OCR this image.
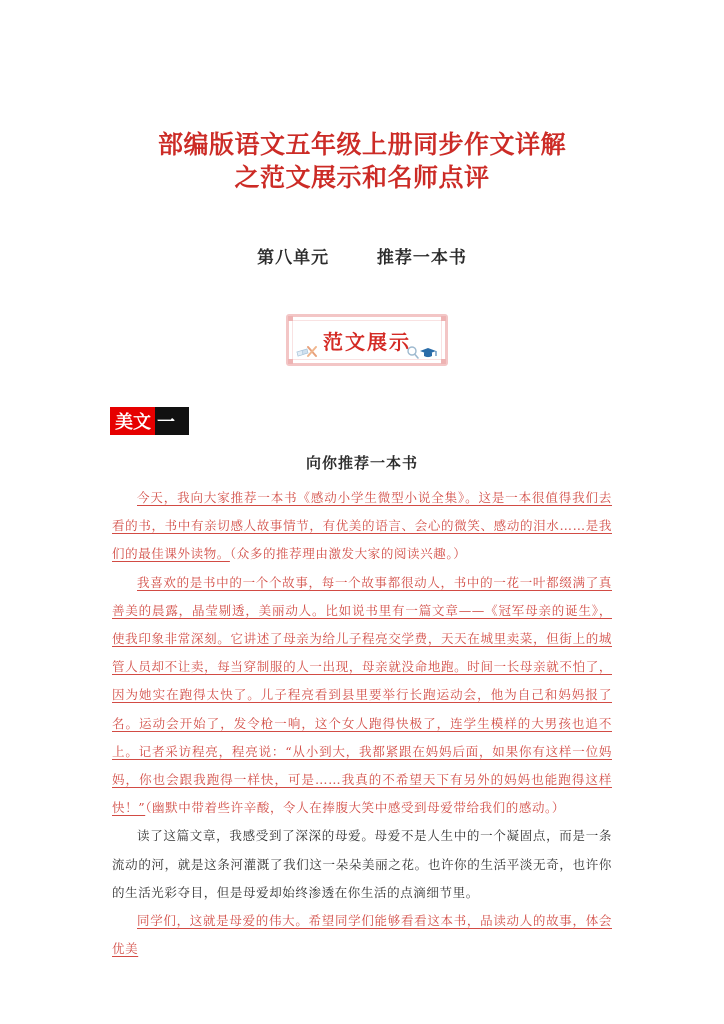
部编版语文五年级上册同步作文详解
之范文展示和名师点评
第八单元	推荐一本书
范文展示
美文 一
向你推荐一本书

今天，我向大家推荐一本书《感动小学生微型小说全集》。这是一本很值得我们去看的书，书中有亲切感人故事情节，有优美的语言、会心的微笑、感动的泪水……是我们的最佳课外读物。（众多的推荐理由激发大家的阅读兴趣。）

我喜欢的是书中的一个个故事，每一个故事都很动人，书中的一花一叶都缀满了真善美的晨露，晶莹剔透，美丽动人。比如说书里有一篇文章——《冠军母亲的诞生》，使我印象非常深刻。它讲述了母亲为给儿子程亮交学费，天天在城里卖菜，但街上的城管人员却不让卖，每当穿制服的人一出现，母亲就没命地跑。时间一长母亲就不怕了，因为她实在跑得太快了。儿子程亮看到县里要举行长跑运动会，他为自己和妈妈报了名。运动会开始了，发令枪一响，这个女人跑得快极了，连学生模样的大男孩也追不上。记者采访程亮，程亮说：“从小到大，我都紧跟在妈妈后面，如果你有这样一位妈妈，你也会跟我跑得一样快，可是……我真的不希望天下有另外的妈妈也能跑得这样快！”（幽默中带着些许辛酸，令人在捧腹大笑中感受到母爱带给我们的感动。）

读了这篇文章，我感受到了深深的母爱。母爱不是人生中的一个凝固点，而是一条流动的河，就是这条河灌溉了我们这一朵朵美丽之花。也许你的生活平淡无奇，也许你的生活光彩夺目，但是母爱却始终渗透在你生活的点滴细节里。

同学们，这就是母爱的伟大。希望同学们能够看看这本书，品读动人的故事，体会优美
